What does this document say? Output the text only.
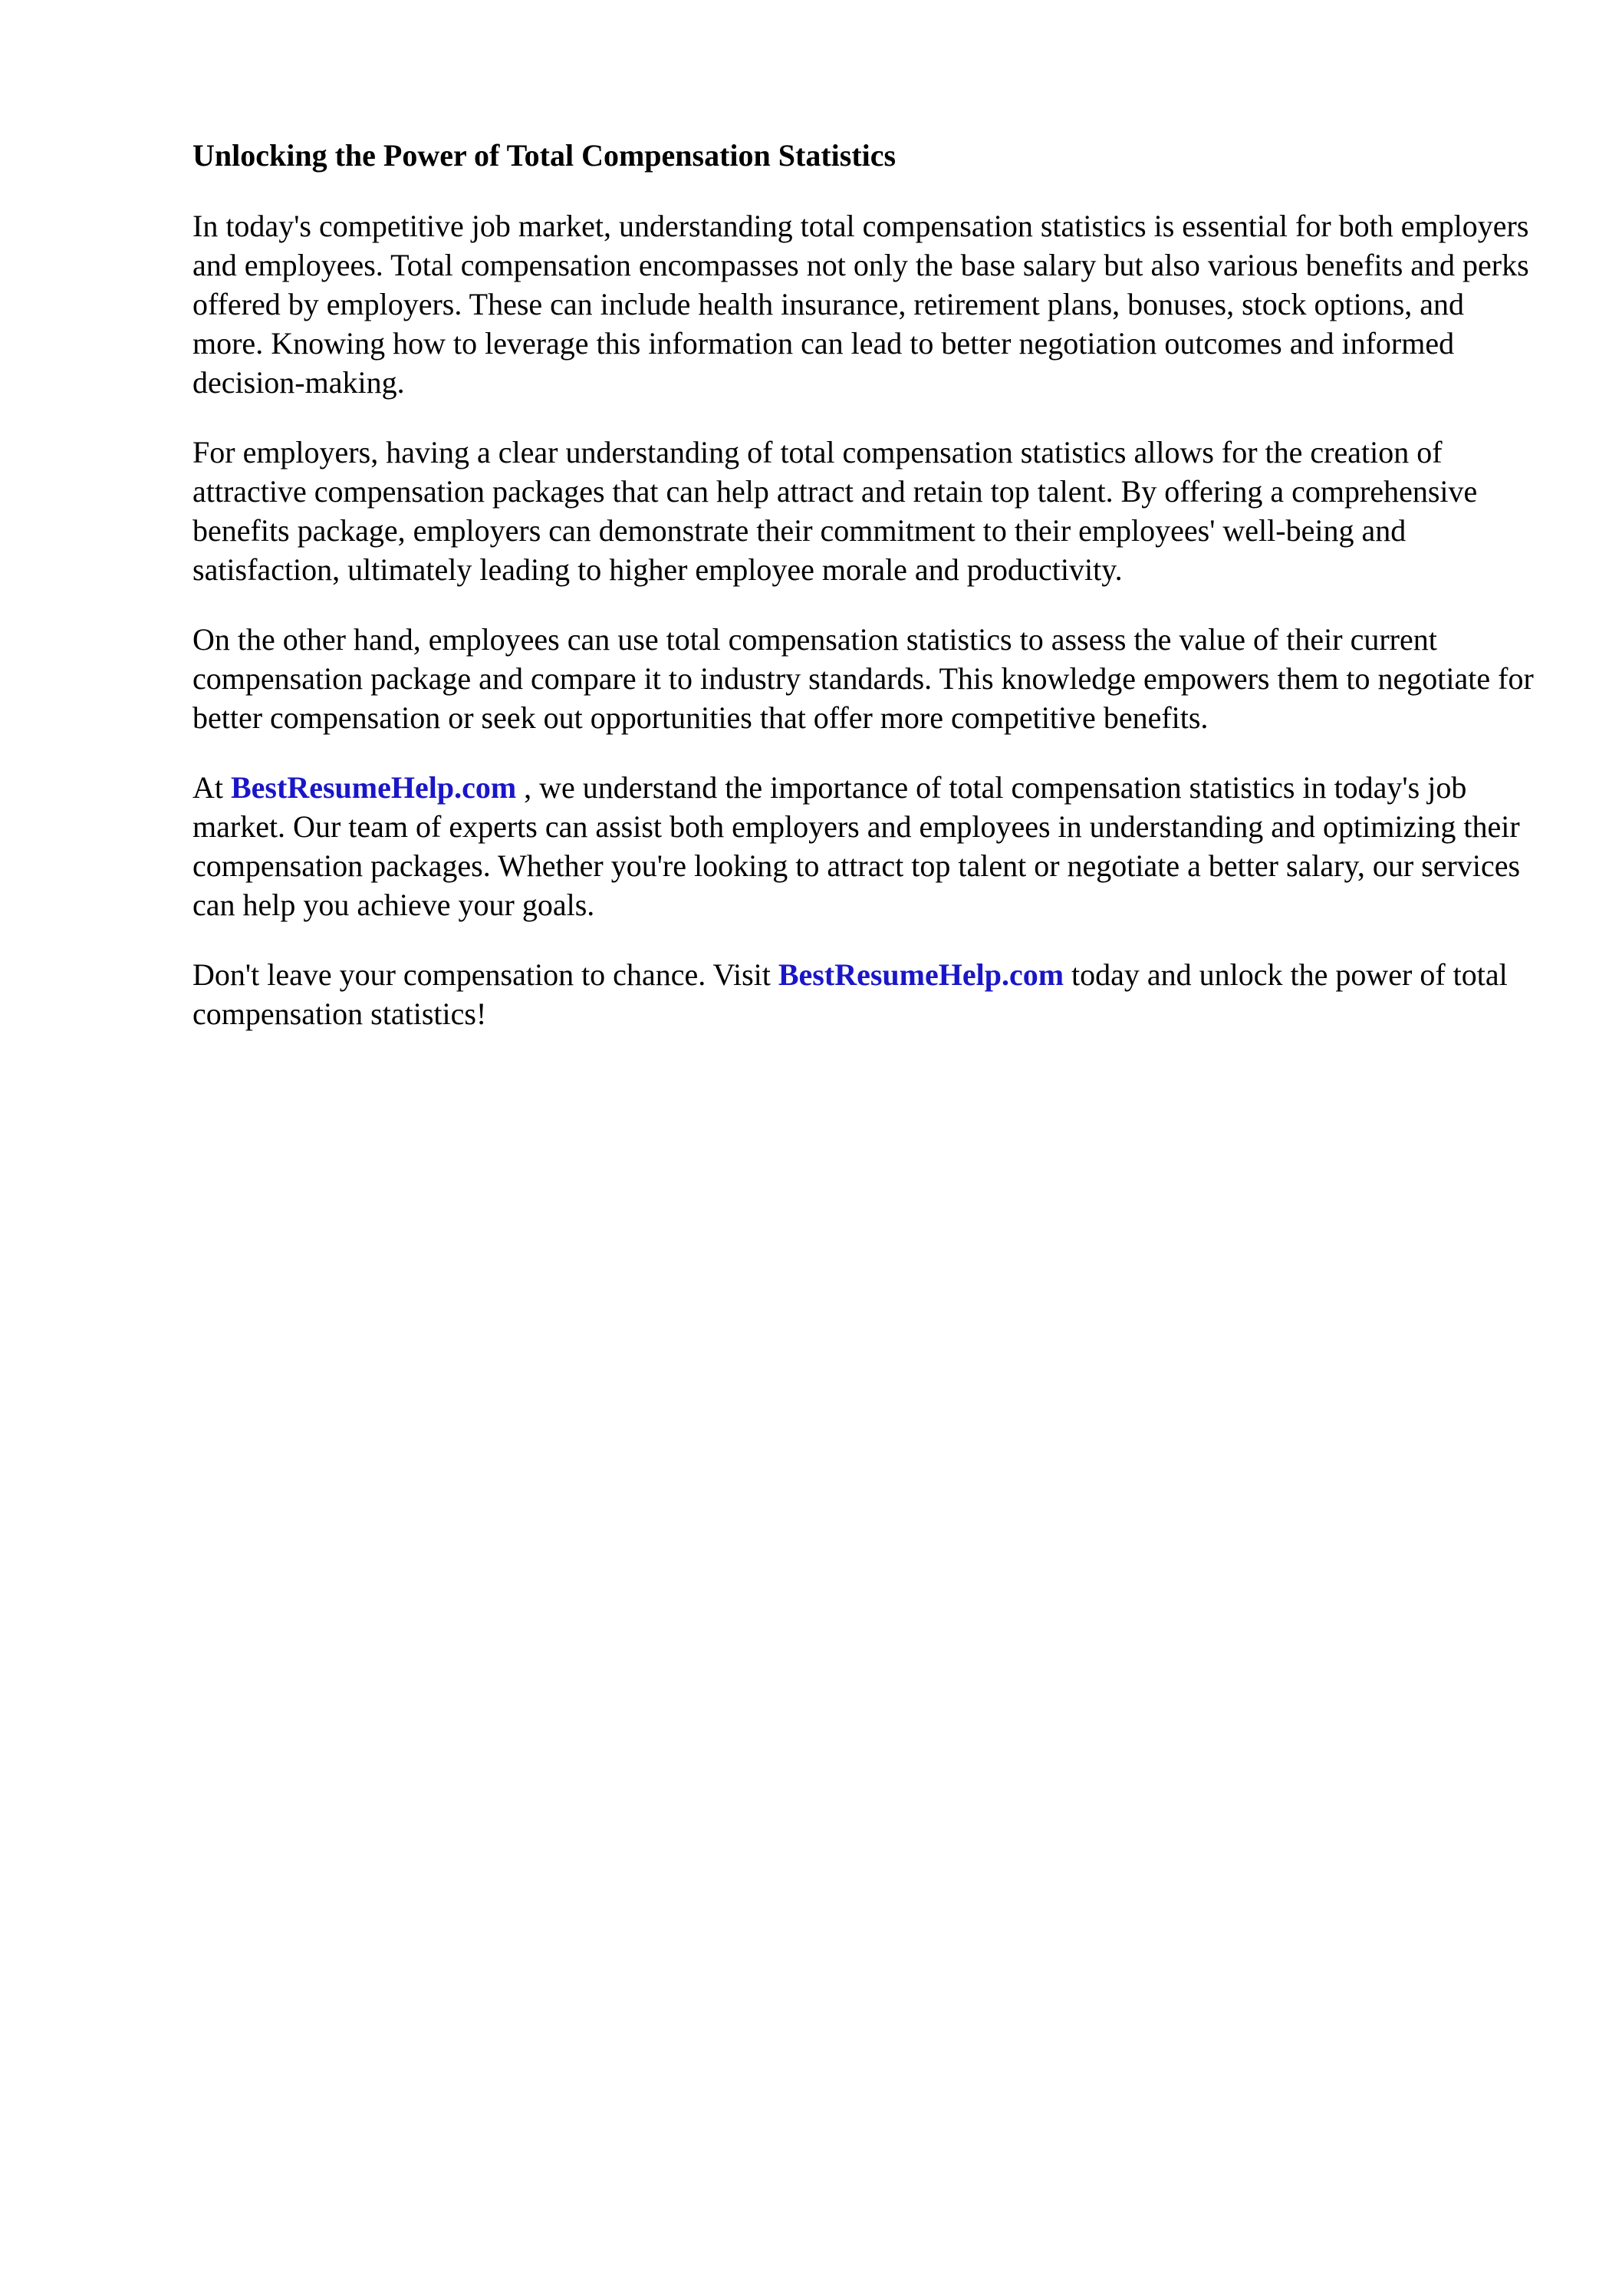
Unlocking the Power of Total Compensation Statistics

In today's competitive job market, understanding total compensation statistics is essential for both employers and employees. Total compensation encompasses not only the base salary but also various benefits and perks offered by employers. These can include health insurance, retirement plans, bonuses, stock options, and more. Knowing how to leverage this information can lead to better negotiation outcomes and informed decision-making.

For employers, having a clear understanding of total compensation statistics allows for the creation of attractive compensation packages that can help attract and retain top talent. By offering a comprehensive benefits package, employers can demonstrate their commitment to their employees' well-being and satisfaction, ultimately leading to higher employee morale and productivity.

On the other hand, employees can use total compensation statistics to assess the value of their current compensation package and compare it to industry standards. This knowledge empowers them to negotiate for better compensation or seek out opportunities that offer more competitive benefits.

At BestResumeHelp.com , we understand the importance of total compensation statistics in today's job market. Our team of experts can assist both employers and employees in understanding and optimizing their compensation packages. Whether you're looking to attract top talent or negotiate a better salary, our services can help you achieve your goals.

Don't leave your compensation to chance. Visit BestResumeHelp.com today and unlock the power of total compensation statistics!
